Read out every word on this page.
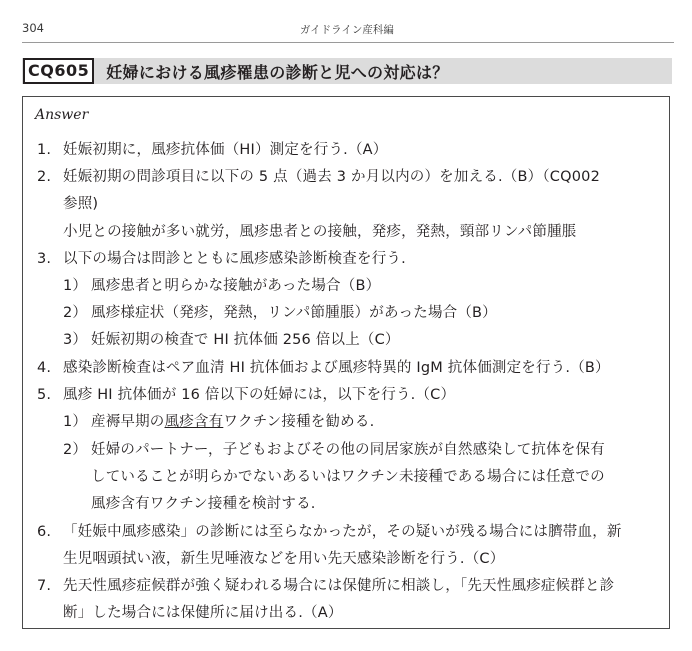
304	ガイドライン産科編
CQ605	妊婦における風疹罹患の診断と児への対応は？
Answer
1. 妊娠初期に，風疹抗体価（HI）測定を行う.（A）
2. 妊娠初期の問診項目に以下の 5 点（過去 3 か月以内の）を加える.（B）（CQ002
参照)
小児との接触が多い就労，風疹患者との接触，発疹，発熱，頸部リンパ節腫脹
3. 以下の場合は問診とともに風疹感染診断検査を行う.
1） 風疹患者と明らかな接触があった場合（B）
2） 風疹様症状（発疹，発熱，リンパ節腫脹）があった場合（B）
3） 妊娠初期の検査で HI 抗体価 256 倍以上（C）
4. 感染診断検査はペア血清 HI 抗体価および風疹特異的 IgM 抗体価測定を行う.（B）
5. 風疹 HI 抗体価が 16 倍以下の妊婦には，以下を行う.（C）
1） 産褥早期の風疹含有ワクチン接種を勧める.
2） 妊婦のパートナー，子どもおよびその他の同居家族が自然感染して抗体を保有
していることが明らかでないあるいはワクチン未接種である場合には任意での
風疹含有ワクチン接種を検討する.
6. 「妊娠中風疹感染」の診断には至らなかったが，その疑いが残る場合には臍帯血，新
生児咽頭拭い液，新生児唾液などを用い先天感染診断を行う.（C）
7. 先天性風疹症候群が強く疑われる場合には保健所に相談し，「先天性風疹症候群と診
断」した場合には保健所に届け出る.（A）
